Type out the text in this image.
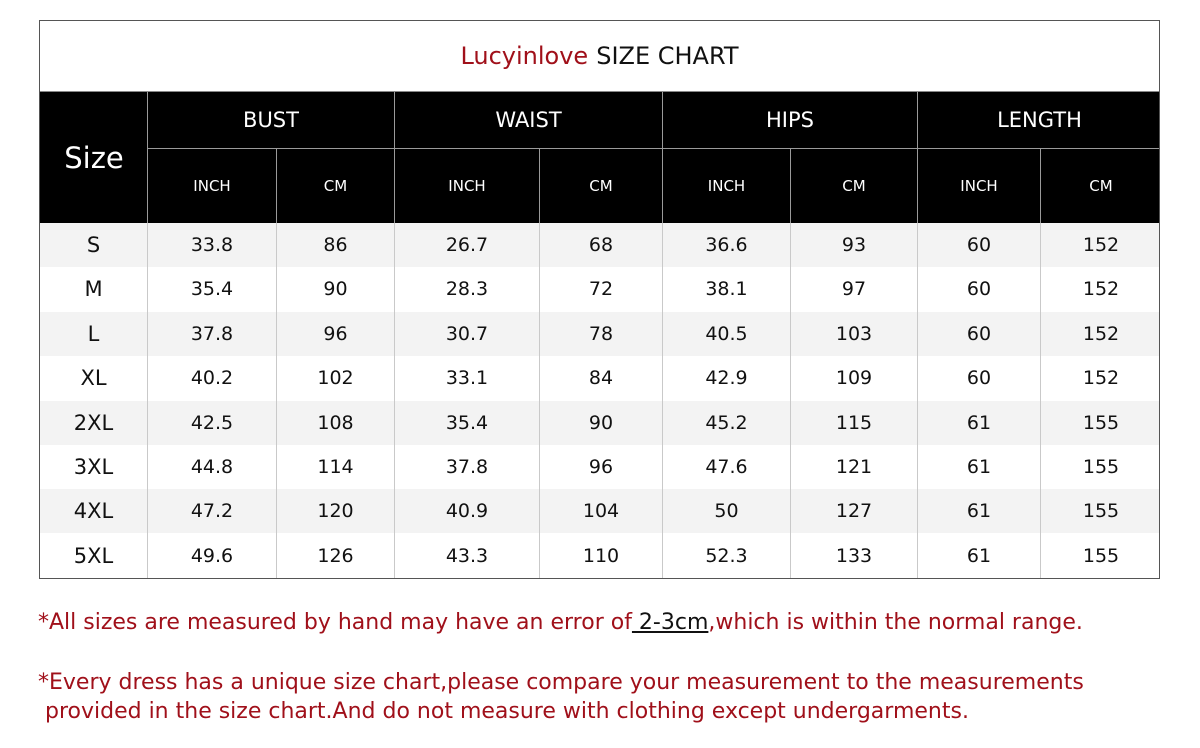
Lucyinlove SIZE CHART
Size
BUST	WAIST	HIPS	LENGTH
INCH	CM	INCH	CM	INCH	CM	INCH	CM
S	33.8	86	26.7	68	36.6	93	60	152
M	35.4	90	28.3	72	38.1	97	60	152
L	37.8	96	30.7	78	40.5	103	60	152
XL	40.2	102	33.1	84	42.9	109	60	152
2XL	42.5	108	35.4	90	45.2	115	61	155
3XL	44.8	114	37.8	96	47.6	121	61	155
4XL	47.2	120	40.9	104	50	127	61	155
5XL	49.6	126	43.3	110	52.3	133	61	155
*All sizes are measured by hand may have an error of 2-3cm,which is within the normal range.
*Every dress has a unique size chart,please compare your measurement to the measurements
provided in the size chart.And do not measure with clothing except undergarments.
